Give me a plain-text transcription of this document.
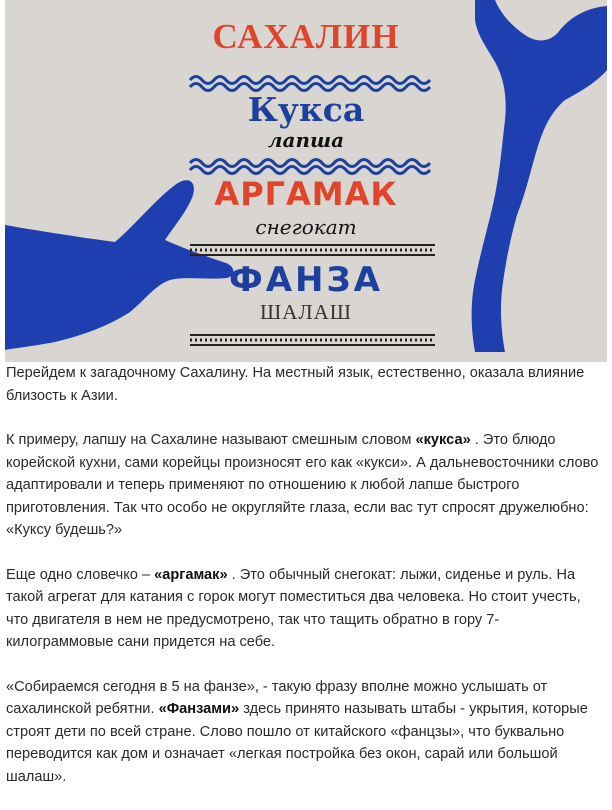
САХАЛИН
Кукса
лапша
АРГАМАК
снегокат
ФАНЗА
ШАЛАШ

Перейдем к загадочному Сахалину. На местный язык, естественно, оказала влияние близость к Азии.

К примеру, лапшу на Сахалине называют смешным словом «кукса» . Это блюдо корейской кухни, сами корейцы произносят его как «кукси». А дальневосточники слово адаптировали и теперь применяют по отношению к любой лапше быстрого приготовления. Так что особо не округляйте глаза, если вас тут спросят дружелюбно: «Куксу будешь?»

Еще одно словечко – «аргамак» . Это обычный снегокат: лыжи, сиденье и руль. На такой агрегат для катания с горок могут поместиться два человека. Но стоит учесть, что двигателя в нем не предусмотрено, так что тащить обратно в гору 7-килограммовые сани придется на себе.

«Собираемся сегодня в 5 на фанзе», - такую фразу вполне можно услышать от сахалинской ребятни. «Фанзами» здесь принято называть штабы - укрытия, которые строят дети по всей стране. Слово пошло от китайского «фанцзы», что буквально переводится как дом и означает «легкая постройка без окон, сарай или большой шалаш».
